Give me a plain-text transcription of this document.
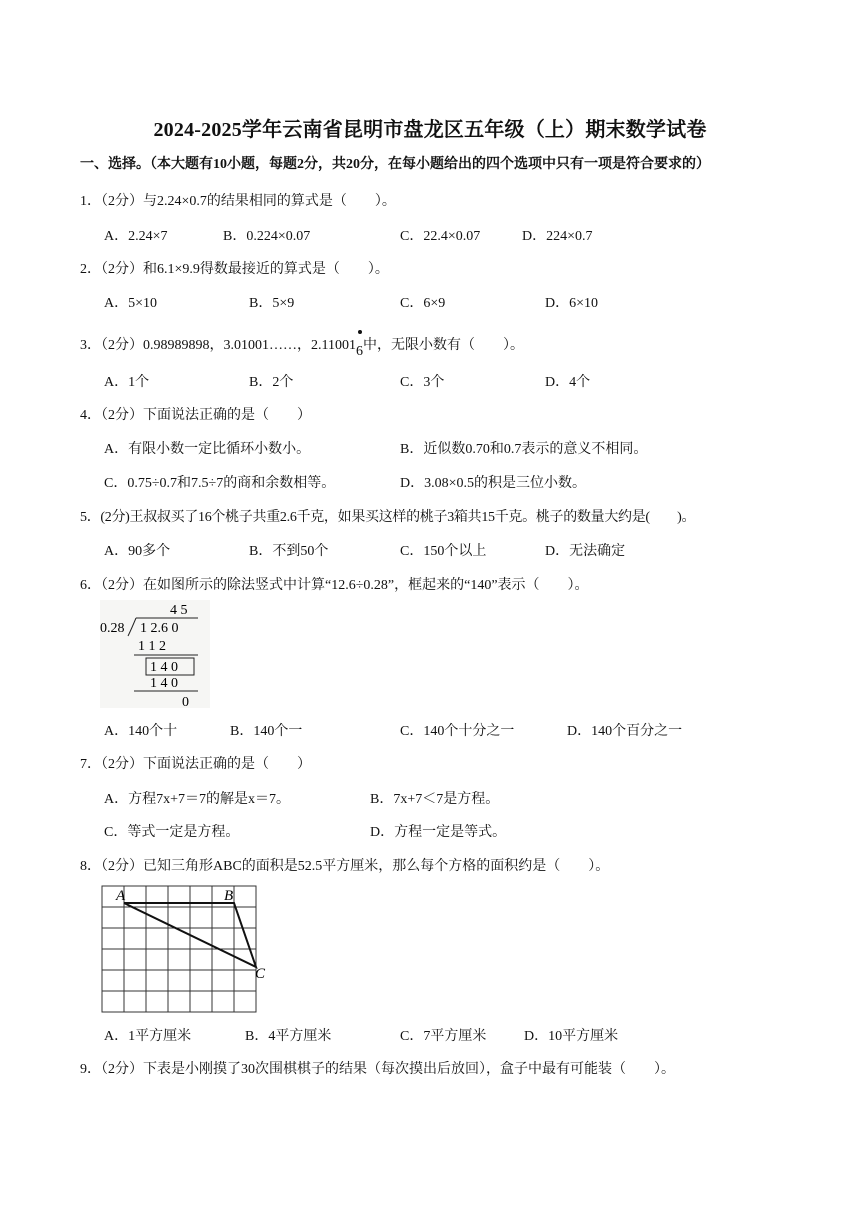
2024-2025学年云南省昆明市盘龙区五年级（上）期末数学试卷
一、选择。（本大题有10小题，每题2分，共20分，在每小题给出的四个选项中只有一项是符合要求的）
1．（2分）与2.24×0.7的结果相同的算式是（　　）。
A．2.24×7	B．0.224×0.07	C．22.4×0.07	D．224×0.7
2．（2分）和6.1×9.9得数最接近的算式是（　　）。
A．5×10	B．5×9	C．6×9	D．6×10
3．（2分）0.98989898，3.01001……，2.11001
6中，无限小数有（　　）。
A．1个	B．2个	C．3个	D．4个
4．（2分）下面说法正确的是（　　）
A．有限小数一定比循环小数小。	B．近似数0.70和0.7表示的意义不相同。
C．0.75÷0.7和7.5÷7的商和余数相等。	D．3.08×0.5的积是三位小数。
5．(2分)王叔叔买了16个桃子共重2.6千克，如果买这样的桃子3箱共15千克。桃子的数量大约是(　　)。
A．90多个	B．不到50个	C．150个以上	D．无法确定
6．（2分）在如图所示的除法竖式中计算“12.6÷0.28”，框起来的“140”表示（　　）。
4 5
0.28 1 2.6 0
1 1 2
1 4 0
1 4 0
0
A．140个十	B．140个一	C．140个十分之一	D．140个百分之一
7．（2分）下面说法正确的是（　　）
A．方程7x+7＝7的解是x＝7。	B．7x+7＜7是方程。
C．等式一定是方程。	D．方程一定是等式。
8．（2分）已知三角形ABC的面积是52.5平方厘米，那么每个方格的面积约是（　　）。
A	B
C
A．1平方厘米	B．4平方厘米	C．7平方厘米	D．10平方厘米
9．（2分）下表是小刚摸了30次围棋棋子的结果（每次摸出后放回），盒子中最有可能装（　　）。
